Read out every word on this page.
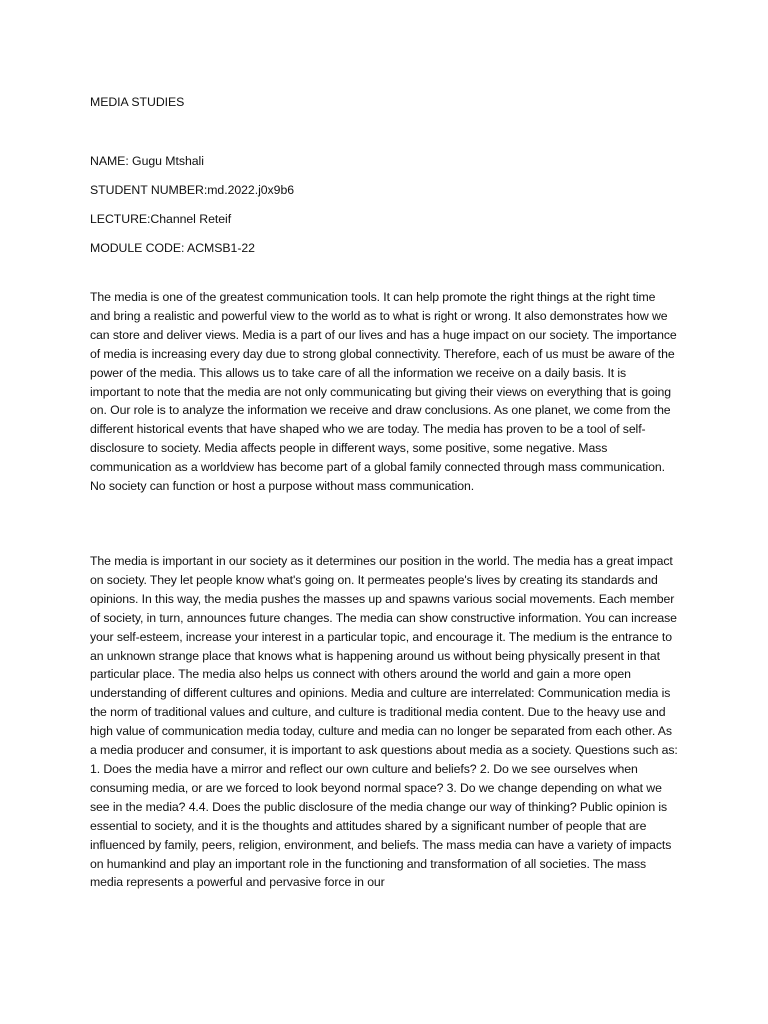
MEDIA STUDIES
NAME: Gugu Mtshali
STUDENT NUMBER:md.2022.j0x9b6
LECTURE:Channel Reteif
MODULE CODE: ACMSB1-22

The media is one of the greatest communication tools. It can help promote the right things at the right time and bring a realistic and powerful view to the world as to what is right or wrong. It also demonstrates how we can store and deliver views. Media is a part of our lives and has a huge impact on our society. The importance of media is increasing every day due to strong global connectivity. Therefore, each of us must be aware of the power of the media. This allows us to take care of all the information we receive on a daily basis. It is important to note that the media are not only communicating but giving their views on everything that is going on. Our role is to analyze the information we receive and draw conclusions. As one planet, we come from the different historical events that have shaped who we are today. The media has proven to be a tool of self-disclosure to society. Media affects people in different ways, some positive, some negative. Mass communication as a worldview has become part of a global family connected through mass communication. No society can function or host a purpose without mass communication.

The media is important in our society as it determines our position in the world. The media has a great impact on society. They let people know what's going on. It permeates people's lives by creating its standards and opinions. In this way, the media pushes the masses up and spawns various social movements. Each member of society, in turn, announces future changes. The media can show constructive information. You can increase your self-esteem, increase your interest in a particular topic, and encourage it. The medium is the entrance to an unknown strange place that knows what is happening around us without being physically present in that particular place. The media also helps us connect with others around the world and gain a more open understanding of different cultures and opinions. Media and culture are interrelated: Communication media is the norm of traditional values and culture, and culture is traditional media content. Due to the heavy use and high value of communication media today, culture and media can no longer be separated from each other. As a media producer and consumer, it is important to ask questions about media as a society. Questions such as: 1. Does the media have a mirror and reflect our own culture and beliefs? 2. Do we see ourselves when consuming media, or are we forced to look beyond normal space? 3. Do we change depending on what we see in the media? 4.4. Does the public disclosure of the media change our way of thinking? Public opinion is essential to society, and it is the thoughts and attitudes shared by a significant number of people that are influenced by family, peers, religion, environment, and beliefs. The mass media can have a variety of impacts on humankind and play an important role in the functioning and transformation of all societies. The mass media represents a powerful and pervasive force in our
